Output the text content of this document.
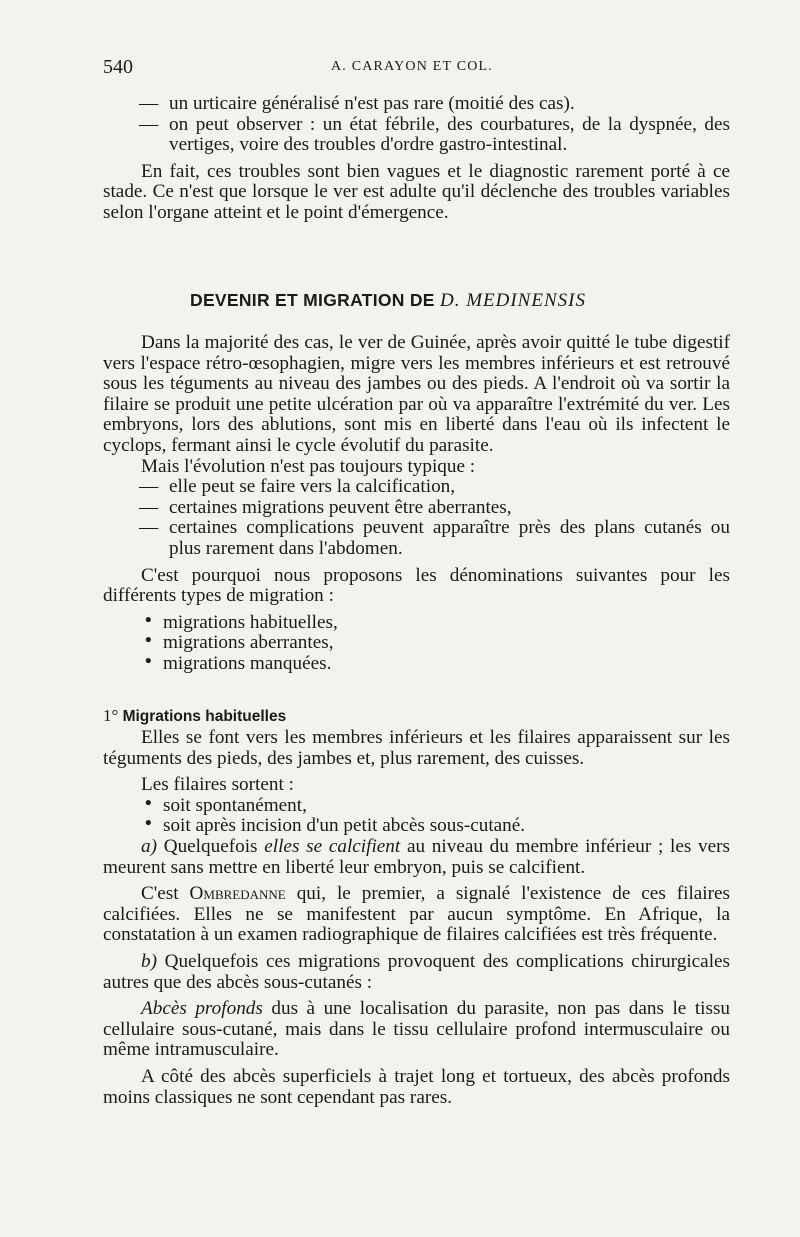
540	A. CARAYON ET COL.

— un urticaire généralisé n'est pas rare (moitié des cas).

— on peut observer : un état fébrile, des courbatures, de la dyspnée, des vertiges, voire des troubles d'ordre gastro-intestinal.

En fait, ces troubles sont bien vagues et le diagnostic rarement porté à ce stade. Ce n'est que lorsque le ver est adulte qu'il déclenche des troubles variables selon l'organe atteint et le point d'émergence.

DEVENIR ET MIGRATION DE D. MEDINENSIS

Dans la majorité des cas, le ver de Guinée, après avoir quitté le tube digestif vers l'espace rétro-œsophagien, migre vers les membres inférieurs et est retrouvé sous les téguments au niveau des jambes ou des pieds. A l'endroit où va sortir la filaire se produit une petite ulcération par où va apparaître l'extrémité du ver. Les embryons, lors des ablutions, sont mis en liberté dans l'eau où ils infectent le cyclops, fermant ainsi le cycle évolutif du parasite.

Mais l'évolution n'est pas toujours typique :

— elle peut se faire vers la calcification,

— certaines migrations peuvent être aberrantes,

— certaines complications peuvent apparaître près des plans cutanés ou plus rarement dans l'abdomen.

C'est pourquoi nous proposons les dénominations suivantes pour les différents types de migration :

• migrations habituelles,
• migrations aberrantes,
• migrations manquées.
1° Migrations habituelles

Elles se font vers les membres inférieurs et les filaires apparaissent sur les téguments des pieds, des jambes et, plus rarement, des cuisses.

Les filaires sortent :

• soit spontanément,
• soit après incision d'un petit abcès sous-cutané.

a) Quelquefois elles se calcifient au niveau du membre inférieur ; les vers meurent sans mettre en liberté leur embryon, puis se calcifient.

C'est Ombredanne qui, le premier, a signalé l'existence de ces filaires calcifiées. Elles ne se manifestent par aucun symptôme. En Afrique, la constatation à un examen radiographique de filaires calcifiées est très fréquente.

b) Quelquefois ces migrations provoquent des complications chirurgicales autres que des abcès sous-cutanés :

Abcès profonds dus à une localisation du parasite, non pas dans le tissu cellulaire sous-cutané, mais dans le tissu cellulaire profond intermusculaire ou même intramusculaire.

A côté des abcès superficiels à trajet long et tortueux, des abcès profonds moins classiques ne sont cependant pas rares.
